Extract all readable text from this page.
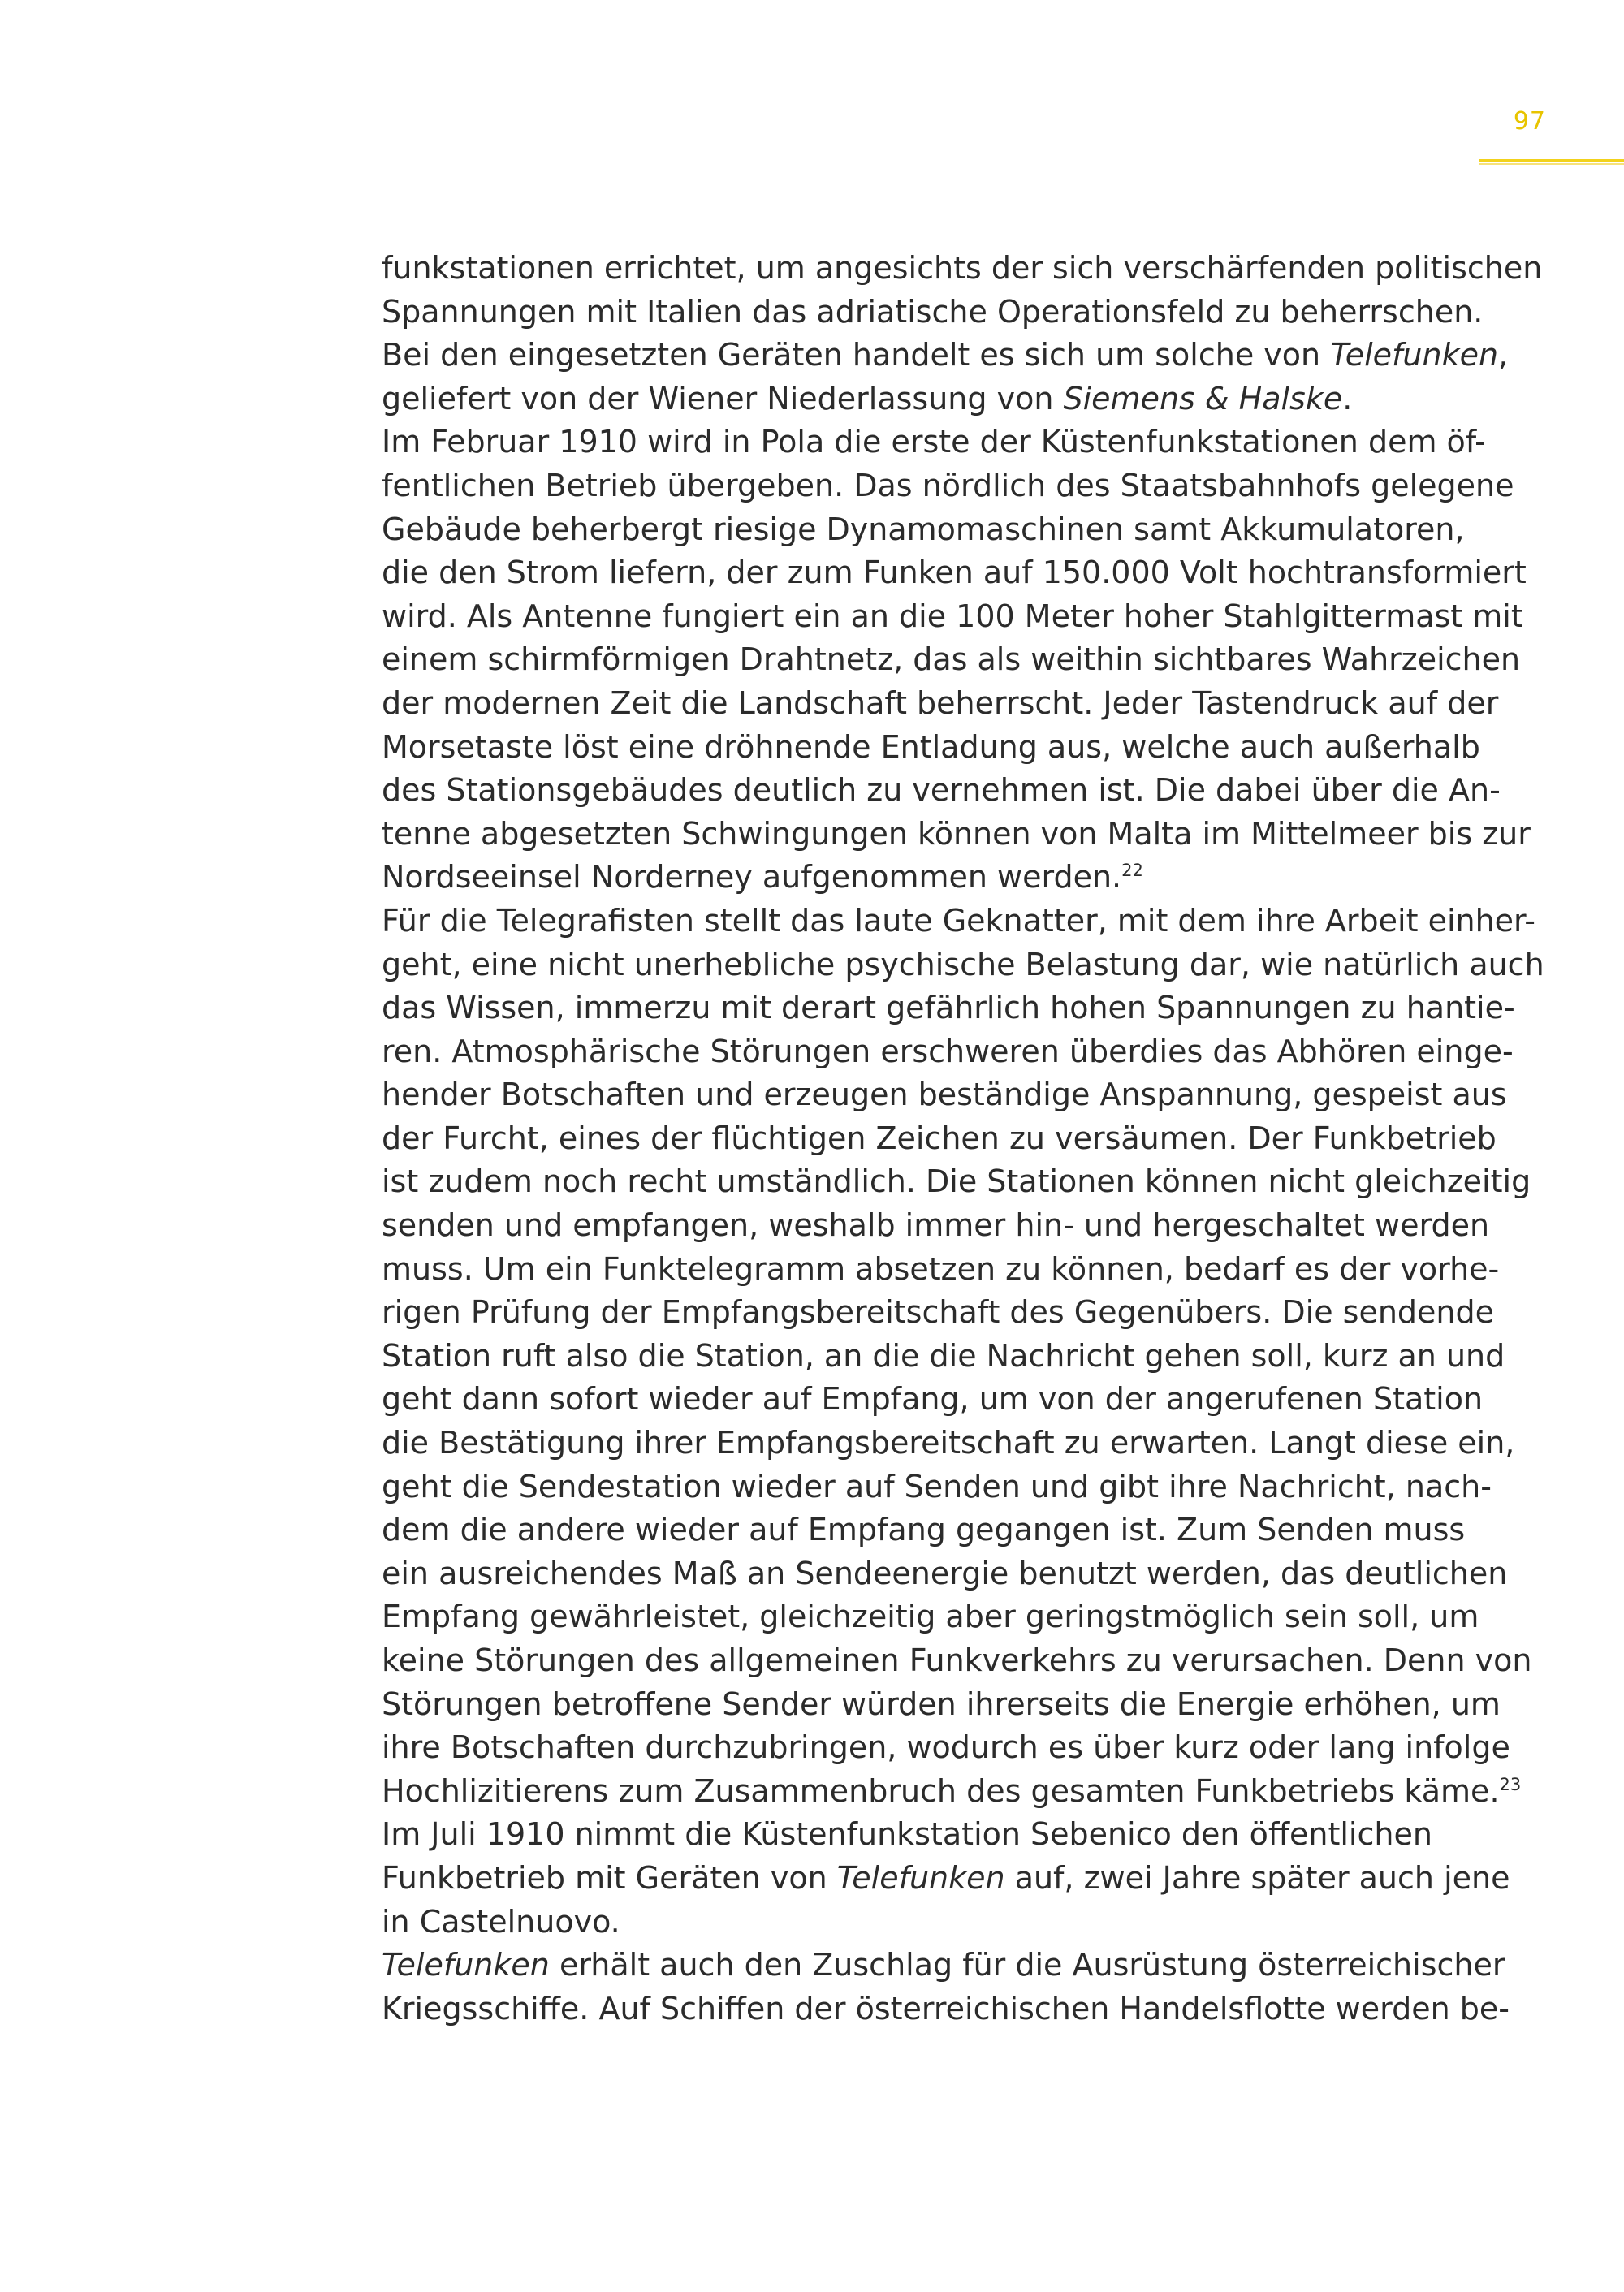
97
funkstationen errichtet, um angesichts der sich verschärfenden politischen
Spannungen mit Italien das adriatische Operationsfeld zu beherrschen.
Bei den eingesetzten Geräten handelt es sich um solche von Telefunken,
geliefert von der Wiener Niederlassung von Siemens & Halske.
Im Februar 1910 wird in Pola die erste der Küstenfunkstationen dem öf-
fentlichen Betrieb übergeben. Das nördlich des Staatsbahnhofs gelegene
Gebäude beherbergt riesige Dynamomaschinen samt Akkumulatoren,
die den Strom liefern, der zum Funken auf 150.000 Volt hochtransformiert
wird. Als Antenne fungiert ein an die 100 Meter hoher Stahlgittermast mit
einem schirmförmigen Drahtnetz, das als weithin sichtbares Wahrzeichen
der modernen Zeit die Landschaft beherrscht. Jeder Tastendruck auf der
Morsetaste löst eine dröhnende Entladung aus, welche auch außerhalb
des Stationsgebäudes deutlich zu vernehmen ist. Die dabei über die An-
tenne abgesetzten Schwingungen können von Malta im Mittelmeer bis zur
Nordseeinsel Norderney aufgenommen werden.$^{22}$
Für die Telegrafisten stellt das laute Geknatter, mit dem ihre Arbeit einher-
geht, eine nicht unerhebliche psychische Belastung dar, wie natürlich auch
das Wissen, immerzu mit derart gefährlich hohen Spannungen zu hantie-
ren. Atmosphärische Störungen erschweren überdies das Abhören einge-
hender Botschaften und erzeugen beständige Anspannung, gespeist aus
der Furcht, eines der flüchtigen Zeichen zu versäumen. Der Funkbetrieb
ist zudem noch recht umständlich. Die Stationen können nicht gleichzeitig
senden und empfangen, weshalb immer hin- und hergeschaltet werden
muss. Um ein Funktelegramm absetzen zu können, bedarf es der vorhe-
rigen Prüfung der Empfangsbereitschaft des Gegenübers. Die sendende
Station ruft also die Station, an die die Nachricht gehen soll, kurz an und
geht dann sofort wieder auf Empfang, um von der angerufenen Station
die Bestätigung ihrer Empfangsbereitschaft zu erwarten. Langt diese ein,
geht die Sendestation wieder auf Senden und gibt ihre Nachricht, nach-
dem die andere wieder auf Empfang gegangen ist. Zum Senden muss
ein ausreichendes Maß an Sendeenergie benutzt werden, das deutlichen
Empfang gewährleistet, gleichzeitig aber geringstmöglich sein soll, um
keine Störungen des allgemeinen Funkverkehrs zu verursachen. Denn von
Störungen betroffene Sender würden ihrerseits die Energie erhöhen, um
ihre Botschaften durchzubringen, wodurch es über kurz oder lang infolge
Hochlizitierens zum Zusammenbruch des gesamten Funkbetriebs käme.$^{23}$
Im Juli 1910 nimmt die Küstenfunkstation Sebenico den öffentlichen
Funkbetrieb mit Geräten von Telefunken auf, zwei Jahre später auch jene
in Castelnuovo.
Telefunken erhält auch den Zuschlag für die Ausrüstung österreichischer
Kriegsschiffe. Auf Schiffen der österreichischen Handelsflotte werden be-
